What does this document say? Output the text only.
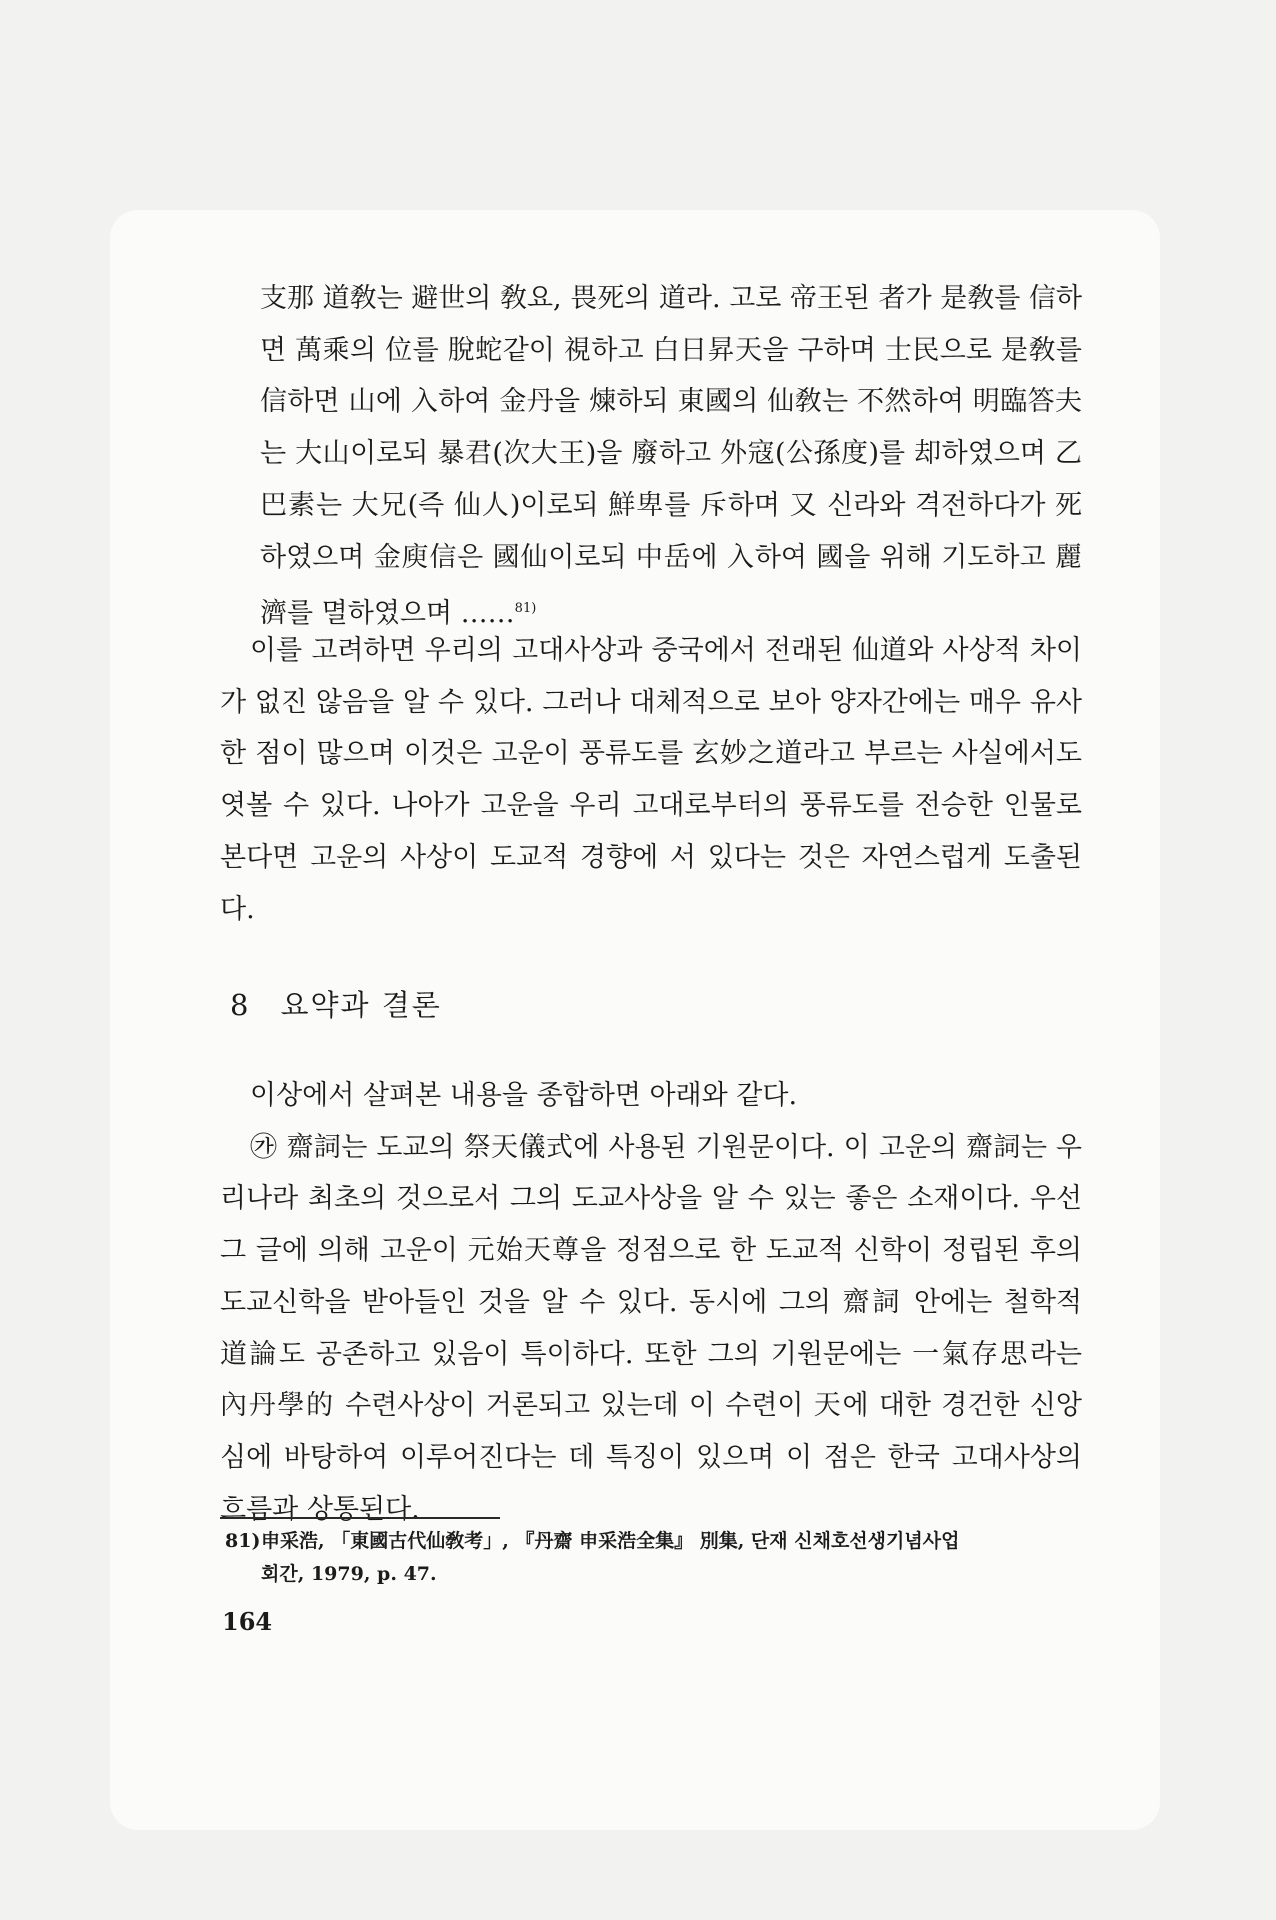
支那 道敎는 避世의 敎요, 畏死의 道라. 고로 帝王된 者가 是敎를 信하면 萬乘의 位를 脫蛇같이 視하고 白日昇天을 구하며 士民으로 是敎를 信하면 山에 入하여 金丹을 煉하되 東國의 仙敎는 不然하여 明臨答夫는 大山이로되 暴君(次大王)을 廢하고 外寇(公孫度)를 却하였으며 乙巴素는 大兄(즉 仙人)이로되 鮮卑를 斥하며 又 신라와 격전하다가 死하였으며 金庾信은 國仙이로되 中岳에 入하여 國을 위해 기도하고 麗濟를 멸하였으며 ……$^{81)}$

이를 고려하면 우리의 고대사상과 중국에서 전래된 仙道와 사상적 차이가 없진 않음을 알 수 있다. 그러나 대체적으로 보아 양자간에는 매우 유사한 점이 많으며 이것은 고운이 풍류도를 玄妙之道라고 부르는 사실에서도 엿볼 수 있다. 나아가 고운을 우리 고대로부터의 풍류도를 전승한 인물로 본다면 고운의 사상이 도교적 경향에 서 있다는 것은 자연스럽게 도출된다.

8 요약과 결론

이상에서 살펴본 내용을 종합하면 아래와 같다.

㉮ 齋詞는 도교의 祭天儀式에 사용된 기원문이다. 이 고운의 齋詞는 우리나라 최초의 것으로서 그의 도교사상을 알 수 있는 좋은 소재이다. 우선 그 글에 의해 고운이 元始天尊을 정점으로 한 도교적 신학이 정립된 후의 도교신학을 받아들인 것을 알 수 있다. 동시에 그의 齋詞 안에는 철학적 道論도 공존하고 있음이 특이하다. 또한 그의 기원문에는 一氣存思라는 內丹學的 수련사상이 거론되고 있는데 이 수련이 天에 대한 경건한 신앙심에 바탕하여 이루어진다는 데 특징이 있으며 이 점은 한국 고대사상의 흐름과 상통된다.

81)申采浩, 「東國古代仙敎考」, 『丹齋 申采浩全集』 別集, 단재 신채호선생기념사업
회간, 1979, p. 47.
164
